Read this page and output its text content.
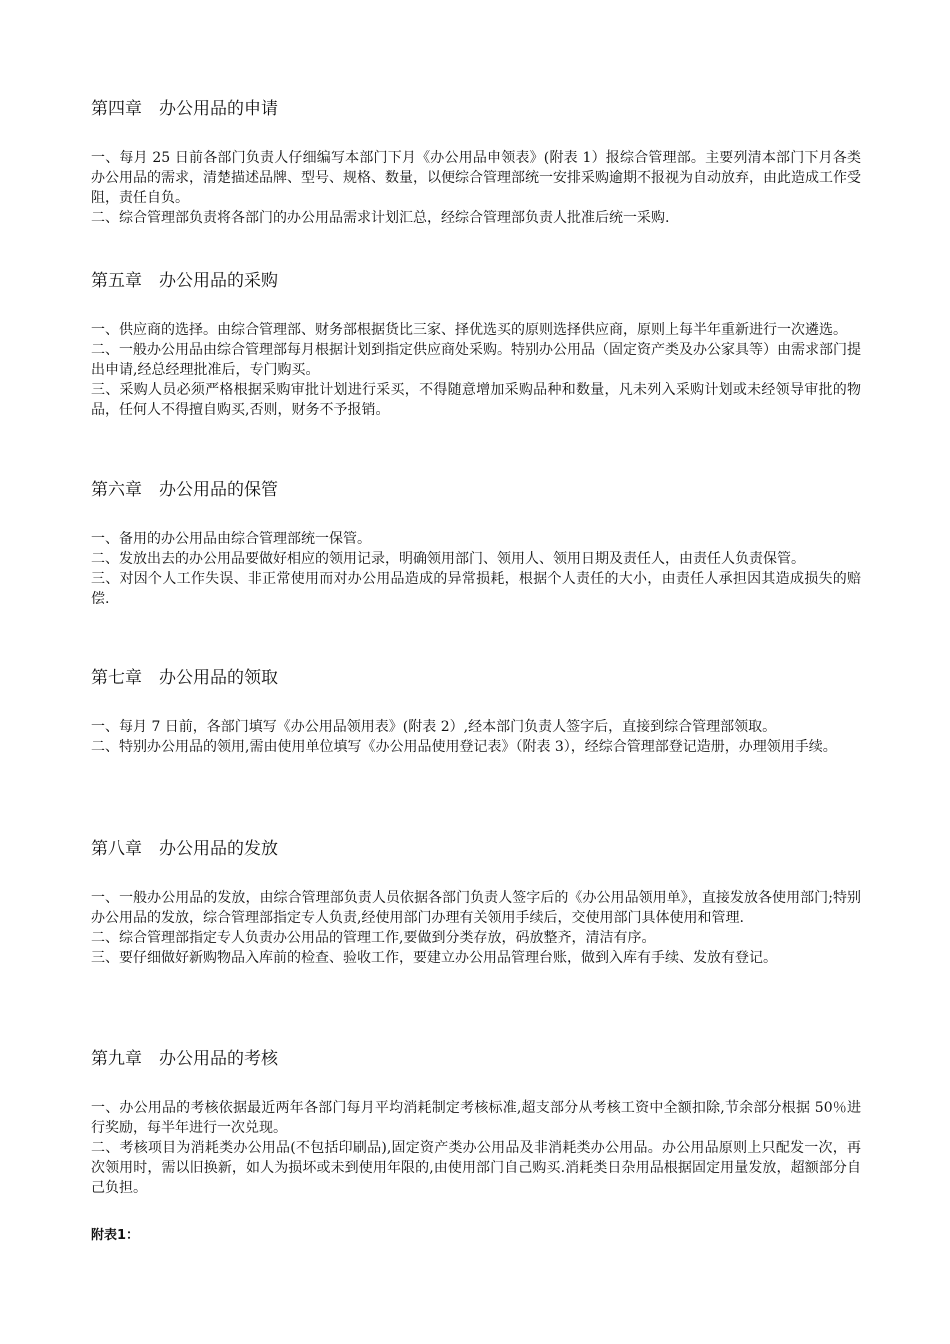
第四章　办公用品的申请

一、每月 25 日前各部门负责人仔细编写本部门下月《办公用品申领表》(附表 1）报综合管理部。主要列清本部门下月各类办公用品的需求，清楚描述品牌、型号、规格、数量，以便综合管理部统一安排采购逾期不报视为自动放弃，由此造成工作受阻，责任自负。

二、综合管理部负责将各部门的办公用品需求计划汇总，经综合管理部负责人批准后统一采购.

第五章　办公用品的采购

一、供应商的选择。由综合管理部、财务部根据货比三家、择优选买的原则选择供应商，原则上每半年重新进行一次遴选。

二、一般办公用品由综合管理部每月根据计划到指定供应商处采购。特别办公用品（固定资产类及办公家具等）由需求部门提出申请,经总经理批准后，专门购买。

三、采购人员必须严格根据采购审批计划进行采买，不得随意增加采购品种和数量，凡未列入采购计划或未经领导审批的物品，任何人不得擅自购买,否则，财务不予报销。

第六章　办公用品的保管

一、备用的办公用品由综合管理部统一保管。

二、发放出去的办公用品要做好相应的领用记录，明确领用部门、领用人、领用日期及责任人，由责任人负责保管。

三、对因个人工作失误、非正常使用而对办公用品造成的异常损耗，根据个人责任的大小，由责任人承担因其造成损失的赔偿.

第七章　办公用品的领取

一、每月 7 日前，各部门填写《办公用品领用表》(附表 2）,经本部门负责人签字后，直接到综合管理部领取。

二、特别办公用品的领用,需由使用单位填写《办公用品使用登记表》（附表 3），经综合管理部登记造册，办理领用手续。

第八章　办公用品的发放

一、一般办公用品的发放，由综合管理部负责人员依据各部门负责人签字后的《办公用品领用单》，直接发放各使用部门;特别办公用品的发放，综合管理部指定专人负责,经使用部门办理有关领用手续后，交使用部门具体使用和管理.

二、综合管理部指定专人负责办公用品的管理工作,要做到分类存放，码放整齐，清洁有序。

三、要仔细做好新购物品入库前的检查、验收工作，要建立办公用品管理台账，做到入库有手续、发放有登记。

第九章　办公用品的考核

一、办公用品的考核依据最近两年各部门每月平均消耗制定考核标准,超支部分从考核工资中全额扣除,节余部分根据 50％进行奖励，每半年进行一次兑现。

二、考核项目为消耗类办公用品(不包括印刷品),固定资产类办公用品及非消耗类办公用品。办公用品原则上只配发一次，再次领用时，需以旧换新，如人为损坏或未到使用年限的,由使用部门自己购买.消耗类日杂用品根据固定用量发放，超额部分自己负担。

附表1：
